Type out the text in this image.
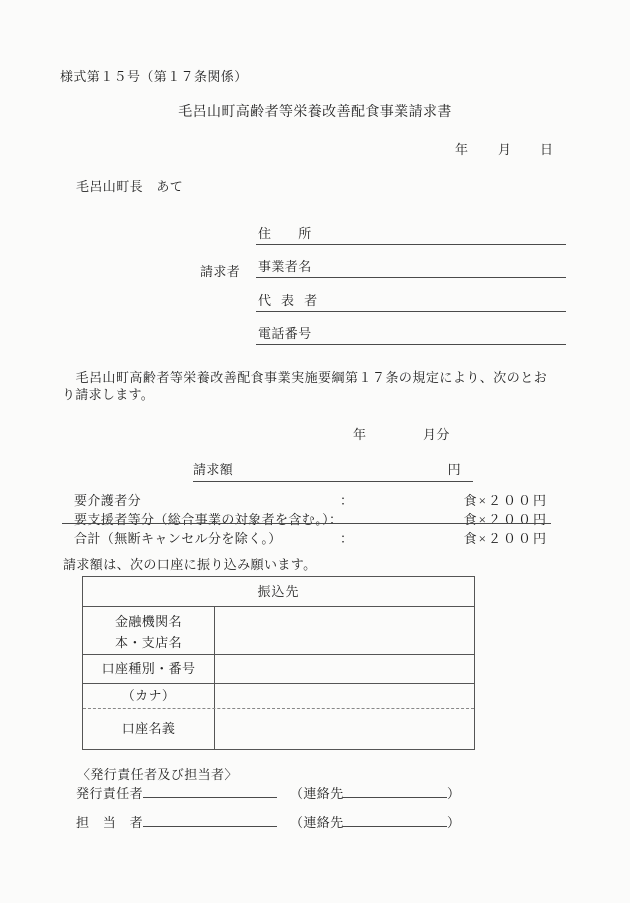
様式第１５号（第１７条関係）
毛呂山町高齢者等栄養改善配食事業請求書
年 月 日
毛呂山町長　あて
請求者
住　　所
事業者名
代 表 者
電話番号
　毛呂山町高齢者等栄養改善配食事業実施要綱第１７条の規定により、次のとおり請求します。
年	月分
請求額	円
要介護者分	：	食×２００円
要支援者等分（総合事業の対象者を含む。）：	食×２００円
合計（無断キャンセル分を除く。）	：	食×２００円
請求額は、次の口座に振り込み願います。
振込先
金融機関名
本・支店名
口座種別・番号
（カナ）
口座名義
〈発行責任者及び担当者〉
発行責任者	（連絡先	）
担　当　者	（連絡先	）
